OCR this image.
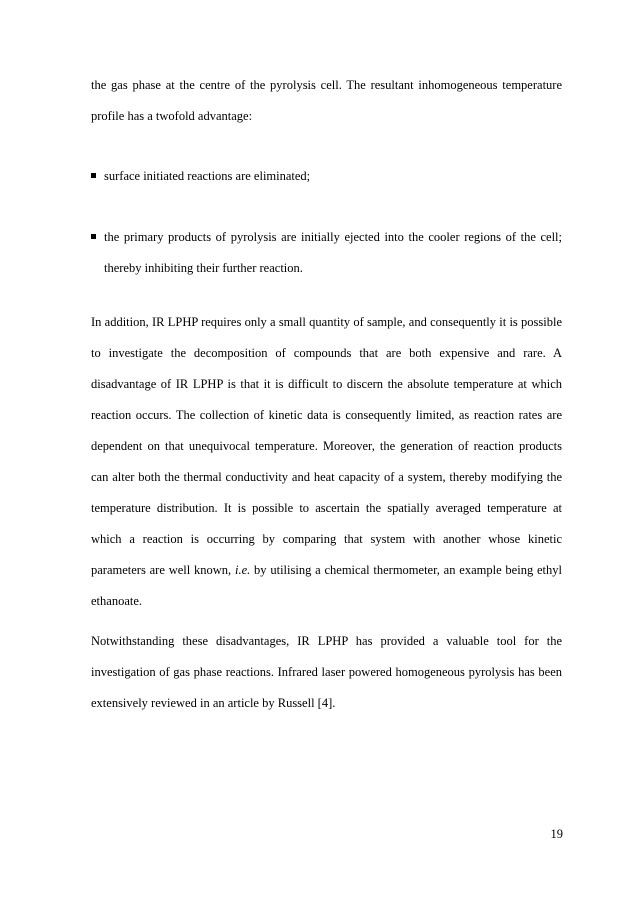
the gas phase at the centre of the pyrolysis cell. The resultant inhomogeneous temperature profile has a twofold advantage:

surface initiated reactions are eliminated;
the primary products of pyrolysis are initially ejected into the cooler regions of the cell; thereby inhibiting their further reaction.

In addition, IR LPHP requires only a small quantity of sample, and consequently it is possible to investigate the decomposition of compounds that are both expensive and rare. A disadvantage of IR LPHP is that it is difficult to discern the absolute temperature at which reaction occurs. The collection of kinetic data is consequently limited, as reaction rates are dependent on that unequivocal temperature. Moreover, the generation of reaction products can alter both the thermal conductivity and heat capacity of a system, thereby modifying the temperature distribution. It is possible to ascertain the spatially averaged temperature at which a reaction is occurring by comparing that system with another whose kinetic parameters are well known, i.e. by utilising a chemical thermometer, an example being ethyl ethanoate.

Notwithstanding these disadvantages, IR LPHP has provided a valuable tool for the investigation of gas phase reactions. Infrared laser powered homogeneous pyrolysis has been extensively reviewed in an article by Russell [4].

19
